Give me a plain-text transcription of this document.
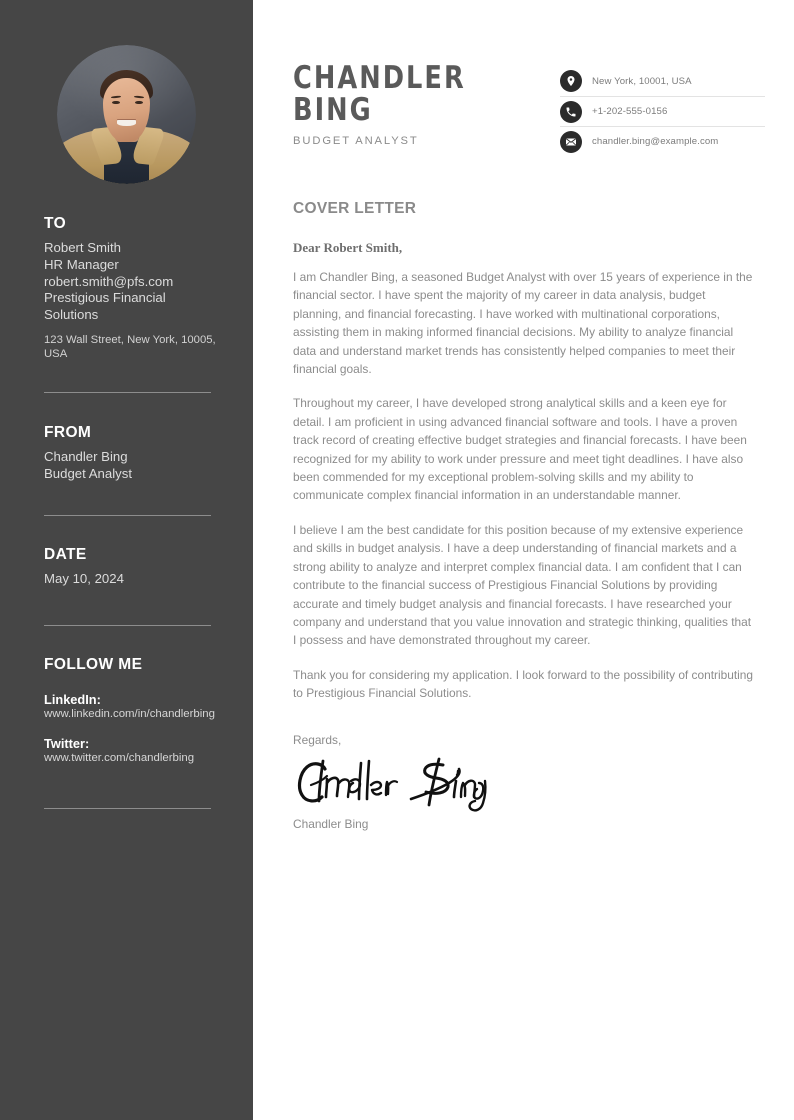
TO
Robert Smith
HR Manager
robert.smith@pfs.com
Prestigious Financial
Solutions
123 Wall Street, New York, 10005, USA
FROM
Chandler Bing
Budget Analyst
DATE
May 10, 2024
FOLLOW ME
LinkedIn:
www.linkedin.com/in/chandlerbing
Twitter:
www.twitter.com/chandlerbing
CHANDLER
BING
BUDGET ANALYST
New York, 10001, USA
+1-202-555-0156
chandler.bing@example.com
COVER LETTER
Dear Robert Smith,

I am Chandler Bing, a seasoned Budget Analyst with over 15 years of experience in the financial sector. I have spent the majority of my career in data analysis, budget planning, and financial forecasting. I have worked with multinational corporations, assisting them in making informed financial decisions. My ability to analyze financial data and understand market trends has consistently helped companies to meet their financial goals.

Throughout my career, I have developed strong analytical skills and a keen eye for detail. I am proficient in using advanced financial software and tools. I have a proven track record of creating effective budget strategies and financial forecasts. I have been recognized for my ability to work under pressure and meet tight deadlines. I have also been commended for my exceptional problem-solving skills and my ability to communicate complex financial information in an understandable manner.

I believe I am the best candidate for this position because of my extensive experience and skills in budget analysis. I have a deep understanding of financial markets and a strong ability to analyze and interpret complex financial data. I am confident that I can contribute to the financial success of Prestigious Financial Solutions by providing accurate and timely budget analysis and financial forecasts. I have researched your company and understand that you value innovation and strategic thinking, qualities that I possess and have demonstrated throughout my career.

Thank you for considering my application. I look forward to the possibility of contributing to Prestigious Financial Solutions.

Regards,
Chandler Bing
